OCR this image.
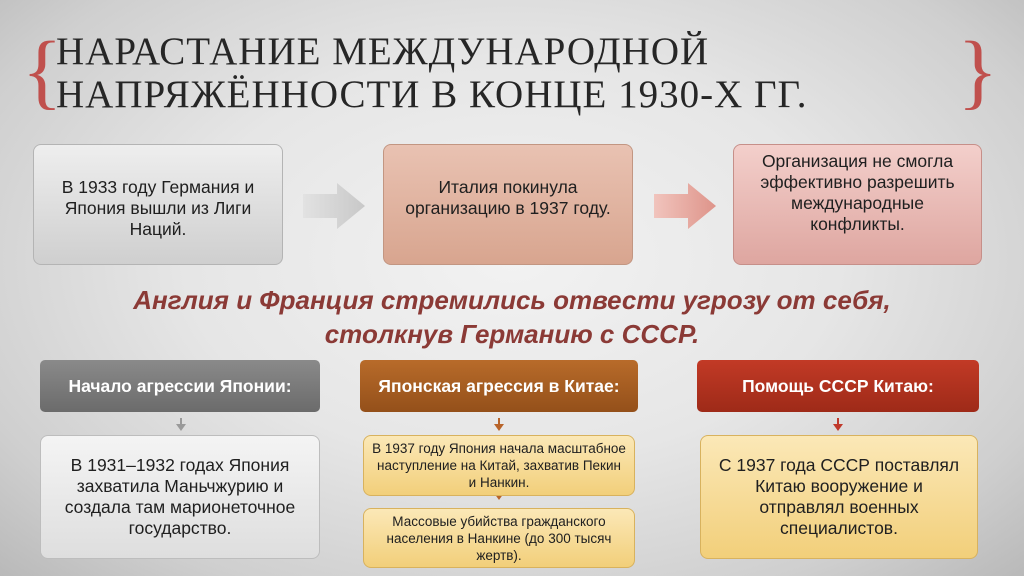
{
НАРАСТАНИЕ МЕЖДУНАРОДНОЙ
НАПРЯЖЁННОСТИ В КОНЦЕ 1930-Х ГГ. }
В 1933 году Германия и Япония вышли из Лиги Наций.
Италия покинула организацию в 1937 году.
Организация не смогла эффективно разрешить международные конфликты.
Англия и Франция стремились отвести угрозу от себя,
столкнув Германию с СССР.
Начало агрессии Японии:	Японская агрессия в Китае:	Помощь СССР Китаю:
В 1931–1932 годах Япония захватила Маньчжурию и создала там марионеточное государство.
В 1937 году Япония начала масштабное наступление на Китай, захватив Пекин и Нанкин.
Массовые убийства гражданского населения в Нанкине (до 300 тысяч жертв).
С 1937 года СССР поставлял Китаю вооружение и отправлял военных специалистов.
